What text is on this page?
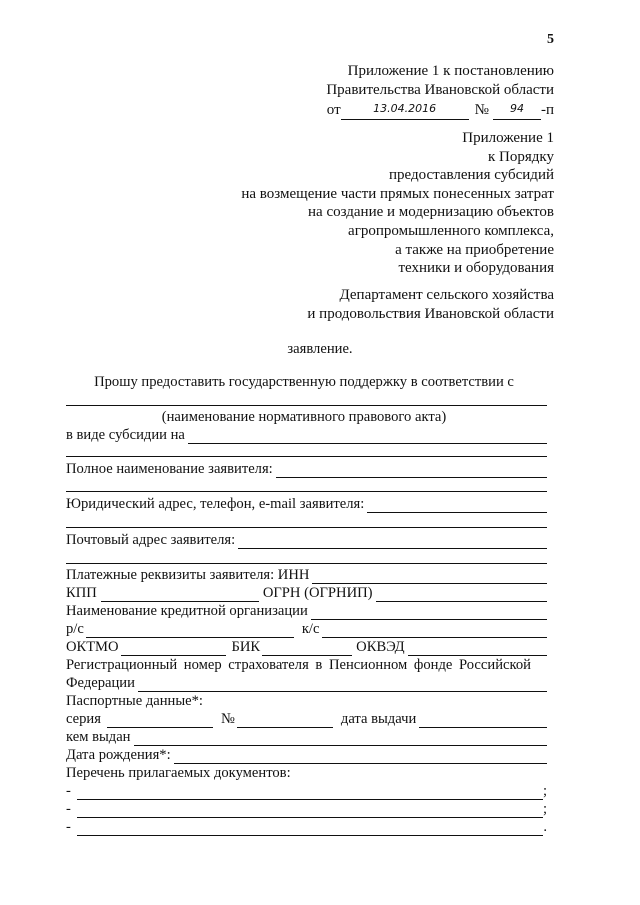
5
Приложение 1 к постановлению
Правительства Ивановской области
от	13.04.2016	№	94	-п
Приложение 1
к Порядку
предоставления субсидий
на возмещение части прямых понесенных затрат
на создание и модернизацию объектов
агропромышленного комплекса,
а также на приобретение
техники и оборудования
Департамент сельского хозяйства
и продовольствия Ивановской области
заявление.
Прошу предоставить государственную поддержку в соответствии с
(наименование нормативного правового акта)
в виде субсидии на
Полное наименование заявителя:
Юридический адрес, телефон, e-mail заявителя:
Почтовый адрес заявителя:
Платежные реквизиты заявителя: ИНН
КПП	ОГРН (ОГРНИП)
Наименование кредитной организации
р/с	к/с
ОКТМО	БИК	ОКВЭД
Регистрационный номер страхователя в Пенсионном фонде Российской
Федерации
Паспортные данные*:
серия	№	дата выдачи
кем выдан
Дата рождения*:
Перечень прилагаемых документов:
-	;
-	;
-	.
